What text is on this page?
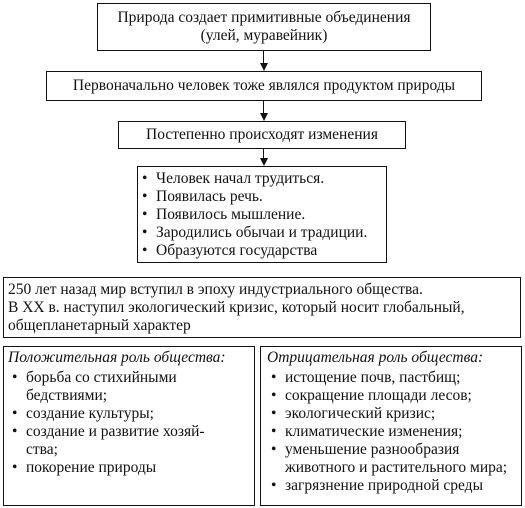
Природа создает примитивные объединения
(улей, муравейник)
Первоначально человек тоже являлся продуктом природы
Постепенно происходят изменения
• Человек начал трудиться.
• Появилась речь.
• Появилось мышление.
• Зародились обычаи и традиции.
• Образуются государства
250 лет назад мир вступил в эпоху индустриального общества.
В XX в. наступил экологический кризис, который носит глобальный,
общепланетарный характер
Положительная роль общества:
• борьба со стихийными
бедствиями;
• создание культуры;
• создание и развитие хозяй-
ства;
• покорение природы
Отрицательная роль общества:
• истощение почв, пастбищ;
• сокращение площади лесов;
• экологический кризис;
• климатические изменения;
• уменьшение разнообразия
животного и растительного мира;
• загрязнение природной среды
